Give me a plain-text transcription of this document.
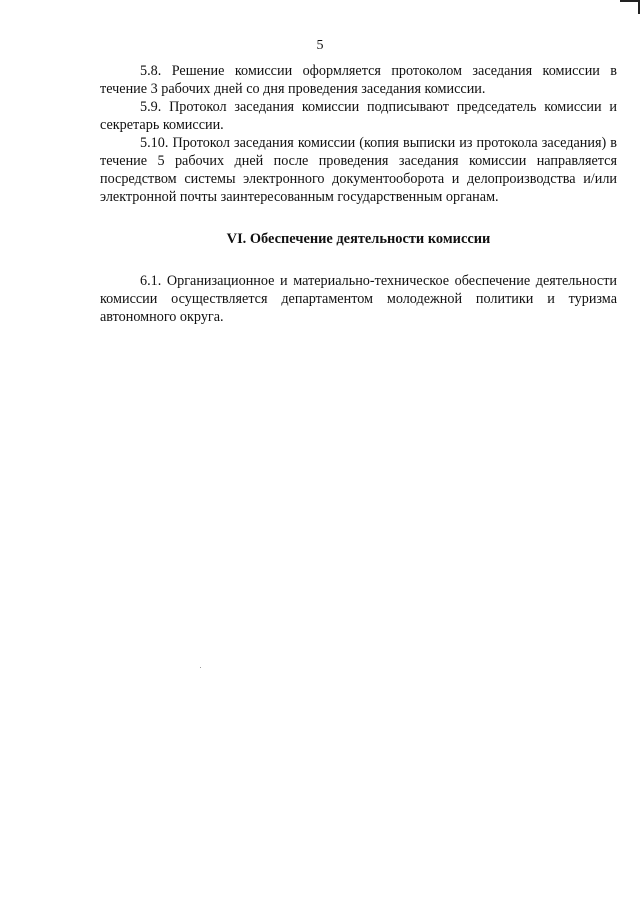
5

5.8. Решение комиссии оформляется протоколом заседания комиссии в течение 3 рабочих дней со дня проведения заседания комиссии.

5.9. Протокол заседания комиссии подписывают председатель комиссии и секретарь комиссии.

5.10. Протокол заседания комиссии (копия выписки из протокола заседания) в течение 5 рабочих дней после проведения заседания комиссии направляется посредством системы электронного документооборота и делопроизводства и/или электронной почты заинтересованным государственным органам.

VI. Обеспечение деятельности комиссии

6.1. Организационное и материально-техническое обеспечение деятельности комиссии осуществляется департаментом молодежной политики и туризма автономного округа.
